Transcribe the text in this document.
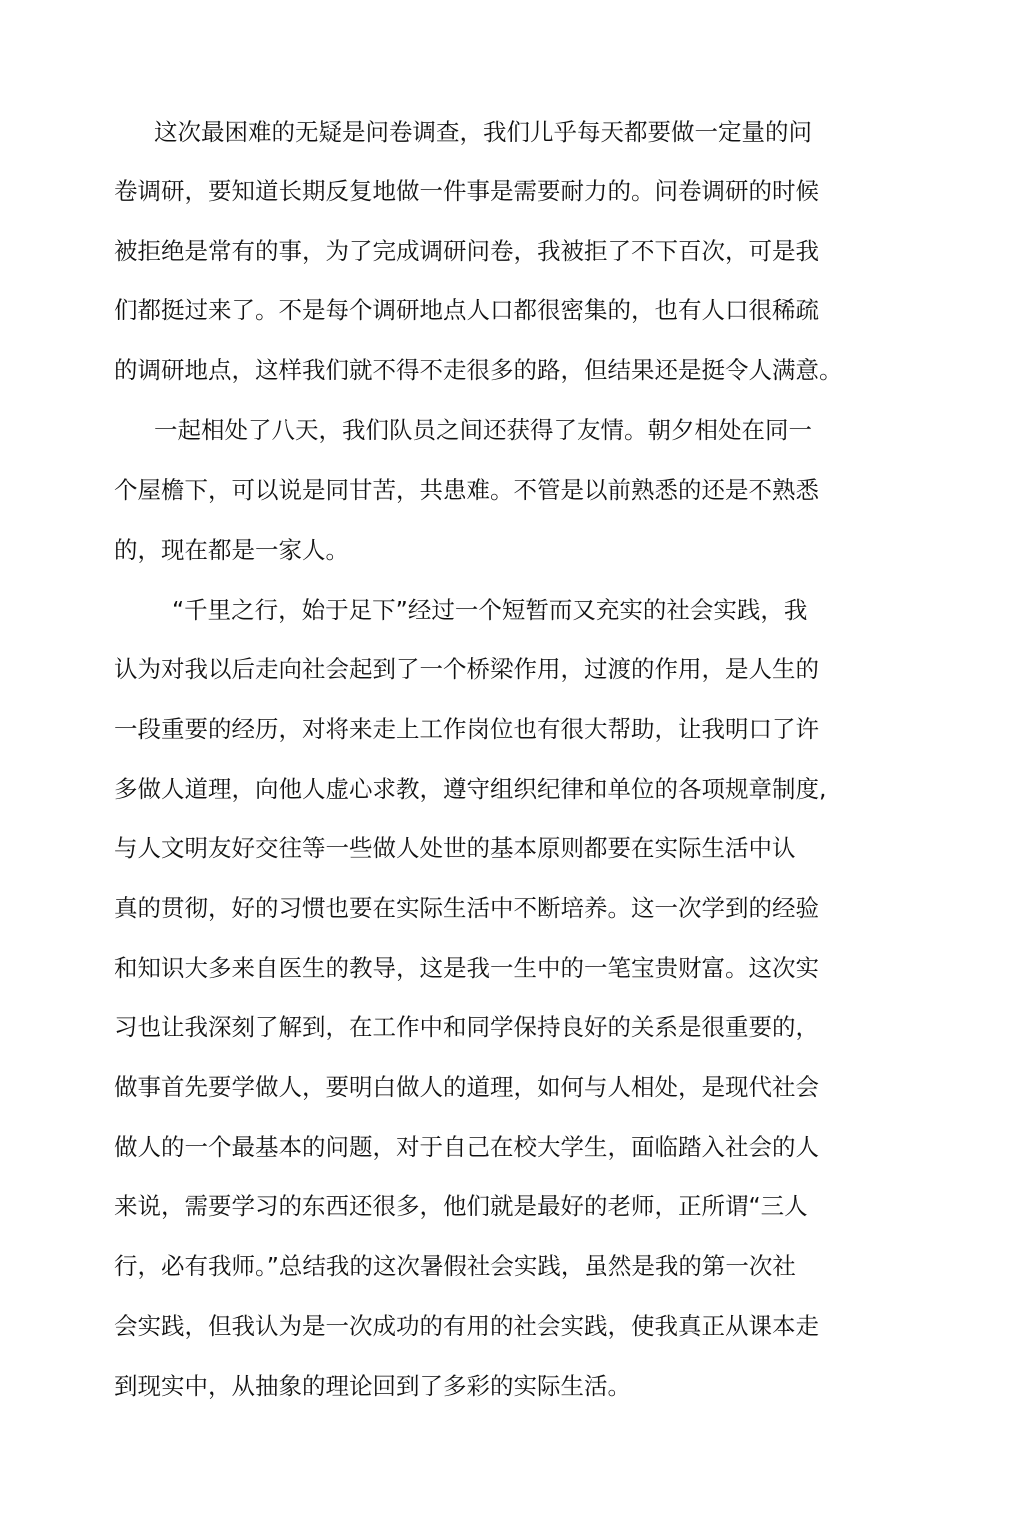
这次最困难的无疑是问卷调查，我们儿乎每天都要做一定量的问
卷调研，要知道长期反复地做一件事是需要耐力的。问卷调研的时候
被拒绝是常有的事，为了完成调研问卷，我被拒了不下百次，可是我
们都挺过来了。不是每个调研地点人口都很密集的，也有人口很稀疏
的调研地点，这样我们就不得不走很多的路，但结果还是挺令人满意。
一起相处了八天，我们队员之间还获得了友情。朝夕相处在同一
个屋檐下，可以说是同甘苦，共患难。不管是以前熟悉的还是不熟悉
的，现在都是一家人。
“千里之行，始于足下”经过一个短暂而又充实的社会实践，我
认为对我以后走向社会起到了一个桥梁作用，过渡的作用，是人生的
一段重要的经历，对将来走上工作岗位也有很大帮助，让我明口了许
多做人道理，向他人虚心求教，遵守组织纪律和单位的各项规章制度,
与人文明友好交往等一些做人处世的基本原则都要在实际生活中认
真的贯彻，好的习惯也要在实际生活中不断培养。这一次学到的经验
和知识大多来自医生的教导，这是我一生中的一笔宝贵财富。这次实
习也让我深刻了解到，在工作中和同学保持良好的关系是很重要的，
做事首先要学做人，要明白做人的道理，如何与人相处，是现代社会
做人的一个最基本的问题，对于自己在校大学生，面临踏入社会的人
来说，需要学习的东西还很多，他们就是最好的老师，正所谓“三人
行，必有我师。”总结我的这次暑假社会实践，虽然是我的第一次社
会实践，但我认为是一次成功的有用的社会实践，使我真正从课本走
到现实中，从抽象的理论回到了多彩的实际生活。
